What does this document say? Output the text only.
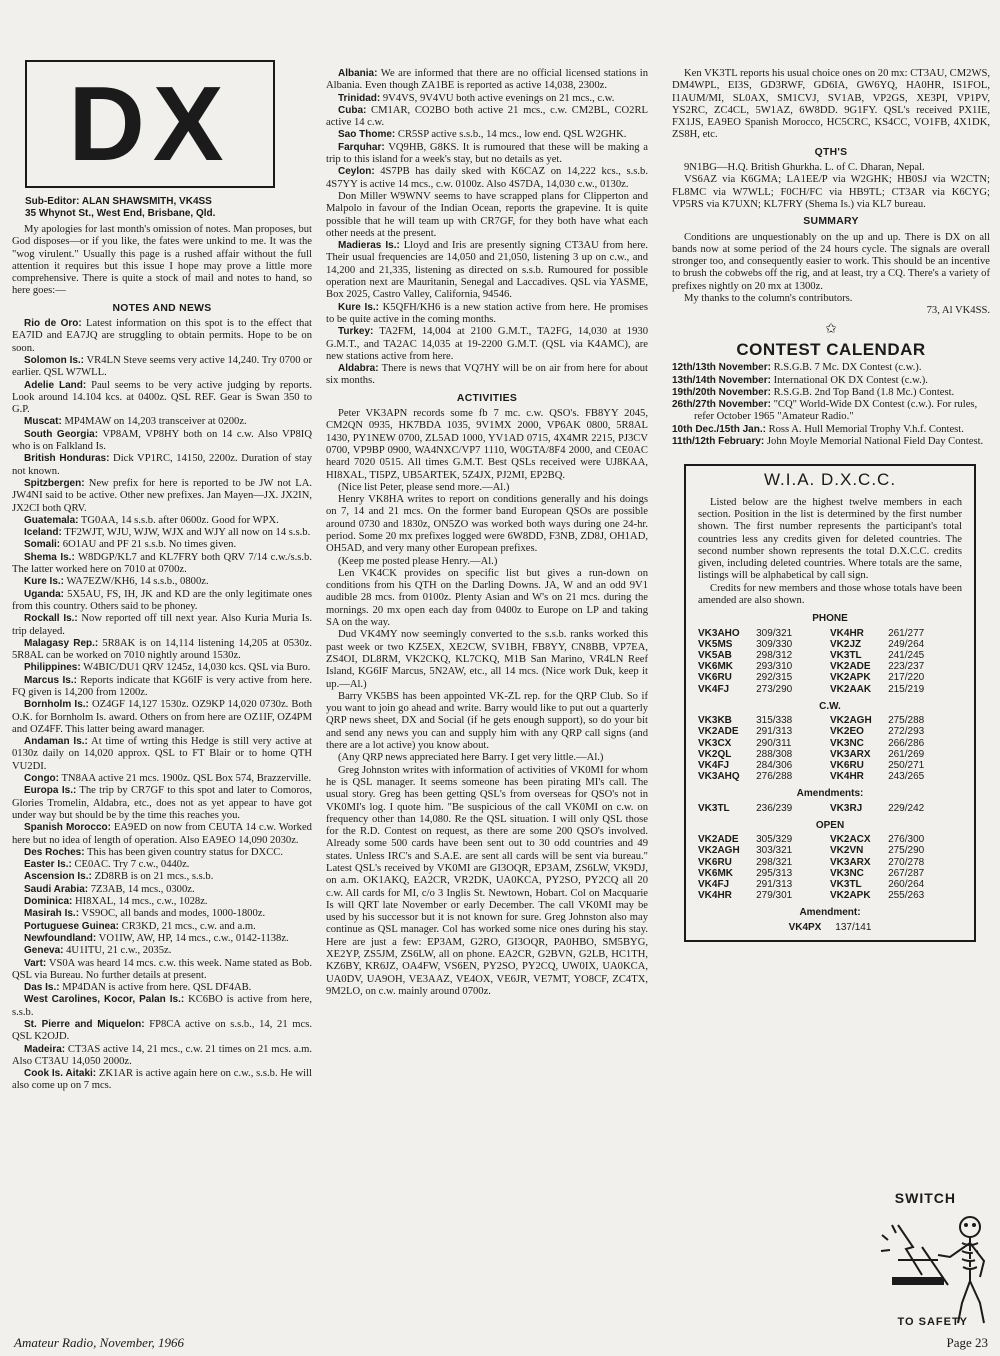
DX
Sub-Editor: ALAN SHAWSMITH, VK4SS
35 Whynot St., West End, Brisbane, Qld.

My apologies for last month's omission of notes. Man proposes, but God disposes—or if you like, the fates were unkind to me. It was the "wog virulent." Usually this page is a rushed affair without the full attention it requires but this issue I hope may prove a little more comprehensive. There is quite a stock of mail and notes to hand, so here goes:—

NOTES AND NEWS

Rio de Oro: Latest information on this spot is to the effect that EA7ID and EA7JQ are struggling to obtain permits. Hope to be on soon.

Solomon Is.: VR4LN Steve seems very active 14,240. Try 0700 or earlier. QSL W7WLL.

Adelie Land: Paul seems to be very active judging by reports. Look around 14.104 kcs. at 0400z. QSL REF. Gear is Swan 350 to G.P.

Muscat: MP4MAW on 14,203 transceiver at 0200z.

South Georgia: VP8AM, VP8HY both on 14 c.w. Also VP8IQ who is on Falkland Is.

British Honduras: Dick VP1RC, 14150, 2200z. Duration of stay not known.

Spitzbergen: New prefix for here is reported to be JW not LA. JW4NI said to be active. Other new prefixes. Jan Mayen—JX. JX2IN, JX2CI both QRV.

Guatemala: TG0AA, 14 s.s.b. after 0600z. Good for WPX.

Iceland: TF2WJT, WJU, WJW, WJX and WJY all now on 14 s.s.b.

Somali: 6O1AU and PF 21 s.s.b. No times given.

Shema Is.: W8DGP/KL7 and KL7FRY both QRV 7/14 c.w./s.s.b. The latter worked here on 7010 at 0700z.

Kure Is.: WA7EZW/KH6, 14 s.s.b., 0800z.

Uganda: 5X5AU, FS, IH, JK and KD are the only legitimate ones from this country. Others said to be phoney.

Rockall Is.: Now reported off till next year. Also Kuria Muria Is. trip delayed.

Malagasy Rep.: 5R8AK is on 14,114 listening 14,205 at 0530z. 5R8AL can be worked on 7010 nightly around 1530z.

Philippines: W4BIC/DU1 QRV 1245z, 14,030 kcs. QSL via Buro.

Marcus Is.: Reports indicate that KG6IF is very active from here. FQ given is 14,200 from 1200z.

Bornholm Is.: OZ4GF 14,127 1530z. OZ9KP 14,020 0730z. Both O.K. for Bornholm Is. award. Others on from here are OZ1IF, OZ4PM and OZ4FF. This latter being award manager.

Andaman Is.: At time of wrting this Hedge is still very active at 0130z daily on 14,020 approx. QSL to FT Blair or to home QTH VU2DI.

Congo: TN8AA active 21 mcs. 1900z. QSL Box 574, Brazzerville.

Europa Is.: The trip by CR7GF to this spot and later to Comoros, Glories Tromelin, Aldabra, etc., does not as yet appear to have got under way but should be by the time this reaches you.

Spanish Morocco: EA9ED on now from CEUTA 14 c.w. Worked here but no idea of length of operation. Also EA9EO 14,090 2030z.

Des Roches: This has been given country status for DXCC.

Easter Is.: CE0AC. Try 7 c.w., 0440z.

Ascension Is.: ZD8RB is on 21 mcs., s.s.b.

Saudi Arabia: 7Z3AB, 14 mcs., 0300z.

Dominica: HI8XAL, 14 mcs., c.w., 1028z.

Masirah Is.: VS9OC, all bands and modes, 1000-1800z.

Portuguese Guinea: CR3KD, 21 mcs., c.w. and a.m.

Newfoundland: VO1IW, AW, HP, 14 mcs., c.w., 0142-1138z.

Geneva: 4U1ITU, 21 c.w., 2035z.

Vart: VS0A was heard 14 mcs. c.w. this week. Name stated as Bob. QSL via Bureau. No further details at present.

Das Is.: MP4DAN is active from here. QSL DF4AB.

West Carolines, Kocor, Palan Is.: KC6BO is active from here, s.s.b.

St. Pierre and Miquelon: FP8CA active on s.s.b., 14, 21 mcs. QSL K2OJD.

Madeira: CT3AS active 14, 21 mcs., c.w. 21 times on 21 mcs. a.m. Also CT3AU 14,050 2000z.

Cook Is. Aitaki: ZK1AR is active again here on c.w., s.s.b. He will also come up on 7 mcs.

Albania: We are informed that there are no official licensed stations in Albania. Even though ZA1BE is reported as active 14,038, 2300z.

Trinidad: 9V4VS, 9V4VU both active evenings on 21 mcs., c.w.

Cuba: CM1AR, CO2BO both active 21 mcs., c.w. CM2BL, CO2RL active 14 c.w.

Sao Thome: CR5SP active s.s.b., 14 mcs., low end. QSL W2GHK.

Farquhar: VQ9HB, G8KS. It is rumoured that these will be making a trip to this island for a week's stay, but no details as yet.

Ceylon: 4S7PB has daily sked with K6CAZ on 14,222 kcs., s.s.b. 4S7YY is active 14 mcs., c.w. 0100z. Also 4S7DA, 14,030 c.w., 0130z.

Don Miller W9WNV seems to have scrapped plans for Clipperton and Malpolo in favour of the Indian Ocean, reports the grapevine. It is quite possible that he will team up with CR7GF, for they both have what each other needs at the present.

Madieras Is.: Lloyd and Iris are presently signing CT3AU from here. Their usual frequencies are 14,050 and 21,050, listening 3 up on c.w., and 14,200 and 21,335, listening as directed on s.s.b. Rumoured for possible operation next are Mauritanin, Senegal and Laccadives. QSL via YASME, Box 2025, Castro Valley, California, 94546.

Kure Is.: K5QFH/KH6 is a new station active from here. He promises to be quite active in the coming months.

Turkey: TA2FM, 14,004 at 2100 G.M.T., TA2FG, 14,030 at 1930 G.M.T., and TA2AC 14,035 at 19-2200 G.M.T. (QSL via K4AMC), are new stations active from here.

Aldabra: There is news that VQ7HY will be on air from here for about six months.

ACTIVITIES

Peter VK3APN records some fb 7 mc. c.w. QSO's. FB8YY 2045, CM2QN 0935, HK7BDA 1035, 9V1MX 2000, VP6AK 0800, 5R8AL 1430, PY1NEW 0700, ZL5AD 1000, YV1AD 0715, 4X4MR 2215, PJ3CV 0700, VP9BP 0900, WA4NXC/VP7 1110, W0GTA/8F4 2000, and CE0AC heard 7020 0515. All times G.M.T. Best QSLs received were UJ8KAA, HI8XAL, TI5PZ, UB5ARTEK, 5Z4JX, PJ2MI, EP2BQ.

(Nice list Peter, please send more.—Al.)

Henry VK8HA writes to report on conditions generally and his doings on 7, 14 and 21 mcs. On the former band European QSOs are possible around 0730 and 1830z, ON5ZO was worked both ways during one 24-hr. period. Some 20 mx prefixes logged were 6W8DD, F3NB, ZD8J, OH1AD, OH5AD, and very many other European prefixes.

(Keep me posted please Henry.—Al.)

Len VK4CK provides on specific list but gives a run-down on conditions from his QTH on the Darling Downs. JA, W and an odd 9V1 audible 28 mcs. from 0100z. Plenty Asian and W's on 21 mcs. during the mornings. 20 mx open each day from 0400z to Europe on LP and taking SA on the way.

Dud VK4MY now seemingly converted to the s.s.b. ranks worked this past week or two KZ5EX, XE2CW, SV1BH, FB8YY, CN8BB, VP7EA, ZS4OI, DL8RM, VK2CKQ, KL7CKQ, M1B San Marino, VR4LN Reef Island, KG6IF Marcus, 5N2AW, etc., all 14 mcs. (Nice work Duk, keep it up.—Al.)

Barry VK5BS has been appointed VK-ZL rep. for the QRP Club. So if you want to join go ahead and write. Barry would like to put out a quarterly QRP news sheet, DX and Social (if he gets enough support), so do your bit and send any news you can and supply him with any QRP call signs (and there are a lot active) you know about.

(Any QRP news appreciated here Barry. I get very little.—Al.)

Greg Johnston writes with information of activities of VK0MI for whom he is QSL manager. It seems someone has been pirating MI's call. The usual story. Greg has been getting QSL's from overseas for QSO's not in VK0MI's log. I quote him. "Be suspicious of the call VK0MI on c.w. on frequency other than 14,080. Re the QSL situation. I will only QSL those for the R.D. Contest on request, as there are some 200 QSO's involved. Already some 500 cards have been sent out to 30 odd countries and 49 states. Unless IRC's and S.A.E. are sent all cards will be sent via bureau." Latest QSL's received by VK0MI are GI3OQR, EP3AM, ZS6LW, VK9DJ, on a.m. OK1AKQ, EA2CR, VR2DK, UA0KCA, PY2SO, PY2CQ all 20 c.w. All cards for MI, c/o 3 Inglis St. Newtown, Hobart. Col on Macquarie Is will QRT late November or early December. The call VK0MI may be used by his successor but it is not known for sure. Greg Johnston also may continue as QSL manager. Col has worked some nice ones during his stay. Here are just a few: EP3AM, G2RO, GI3OQR, PA0HBO, SM5BYG, XE2YP, ZS5JM, ZS6LW, all on phone. EA2CR, G2BVN, G2LB, HC1TH, KZ6BY, KR6JZ, OA4FW, VS6EN, PY2SO, PY2CQ, UW0IX, UA0KCA, UA0DV, UA9OH, VE3AAZ, VE4OX, VE6JR, VE7MT, YO8CF, ZC4TX, 9M2LO, on c.w. mainly around 0700z.

Ken VK3TL reports his usual choice ones on 20 mx: CT3AU, CM2WS, DM4WPL, EI3S, GD3RWF, GD6IA, GW6YQ, HA0HR, IS1FOL, I1AUM/MI, SL0AX, SM1CVJ, SV1AB, VP2GS, XE3PI, VP1PV, YS2RC, ZC4CL, 5W1AZ, 6W8DD. 9G1FY. QSL's received PX1IE, FX1JS, EA9EO Spanish Morocco, HC5CRC, KS4CC, VO1FB, 4X1DK, ZS8H, etc.

QTH'S

9N1BG—H.Q. British Ghurkha. L. of C. Dharan, Nepal.

VS6AZ via K6GMA; LA1EE/P via W2GHK; HB0SJ via W2CTN; FL8MC via W7WLL; F0CH/FC via HB9TL; CT3AR via K6CYG; VP5RS via K7UXN; KL7FRY (Shema Is.) via KL7 bureau.

SUMMARY

Conditions are unquestionably on the up and up. There is DX on all bands now at some period of the 24 hours cycle. The signals are overall stronger too, and consequently easier to work. This should be an incentive to brush the cobwebs off the rig, and at least, try a CQ. There's a variety of prefixes nightly on 20 mx at 1300z.

My thanks to the column's contributors.

73, Al VK4SS.

✩
CONTEST CALENDAR

12th/13th November: R.S.G.B. 7 Mc. DX Contest (c.w.).

13th/14th November: International OK DX Contest (c.w.).

19th/20th November: R.S.G.B. 2nd Top Band (1.8 Mc.) Contest.

26th/27th November: "CQ" World-Wide DX Contest (c.w.). For rules, refer October 1965 "Amateur Radio."

10th Dec./15th Jan.: Ross A. Hull Memorial Trophy V.h.f. Contest.

11th/12th February: John Moyle Memorial National Field Day Contest.

W.I.A. D.X.C.C.

Listed below are the highest twelve members in each section. Position in the list is determined by the first number shown. The first number represents the participant's total countries less any credits given for deleted countries. The second number shown represents the total D.X.C.C. credits given, including deleted countries. Where totals are the same, listings will be alphabetical by call sign.

Credits for new members and those whose totals have been amended are also shown.

PHONE
VK3AHO	309/321	VK4HR	261/277
VK5MS	309/330	VK2JZ	249/264
VK5AB	298/312	VK3TL	241/245
VK6MK	293/310	VK2ADE	223/237
VK6RU	292/315	VK2APK	217/220
VK4FJ	273/290	VK2AAK	215/219
C.W.
VK3KB	315/338	VK2AGH	275/288
VK2ADE	291/313	VK2EO	272/293
VK3CX	290/311	VK3NC	266/286
VK2QL	288/308	VK3ARX	261/269
VK4FJ	284/306	VK6RU	250/271
VK3AHQ	276/288	VK4HR	243/265
Amendments:
VK3TL	236/239	VK3RJ	229/242
OPEN
VK2ADE	305/329	VK2ACX	276/300
VK2AGH	303/321	VK2VN	275/290
VK6RU	298/321	VK3ARX	270/278
VK6MK	295/313	VK3NC	267/287
VK4FJ	291/313	VK3TL	260/264
VK4HR	279/301	VK2APK	255/263
Amendment:
VK4PX 137/141
SWITCH
TO SAFETY
Amateur Radio, November, 1966	Page 23
